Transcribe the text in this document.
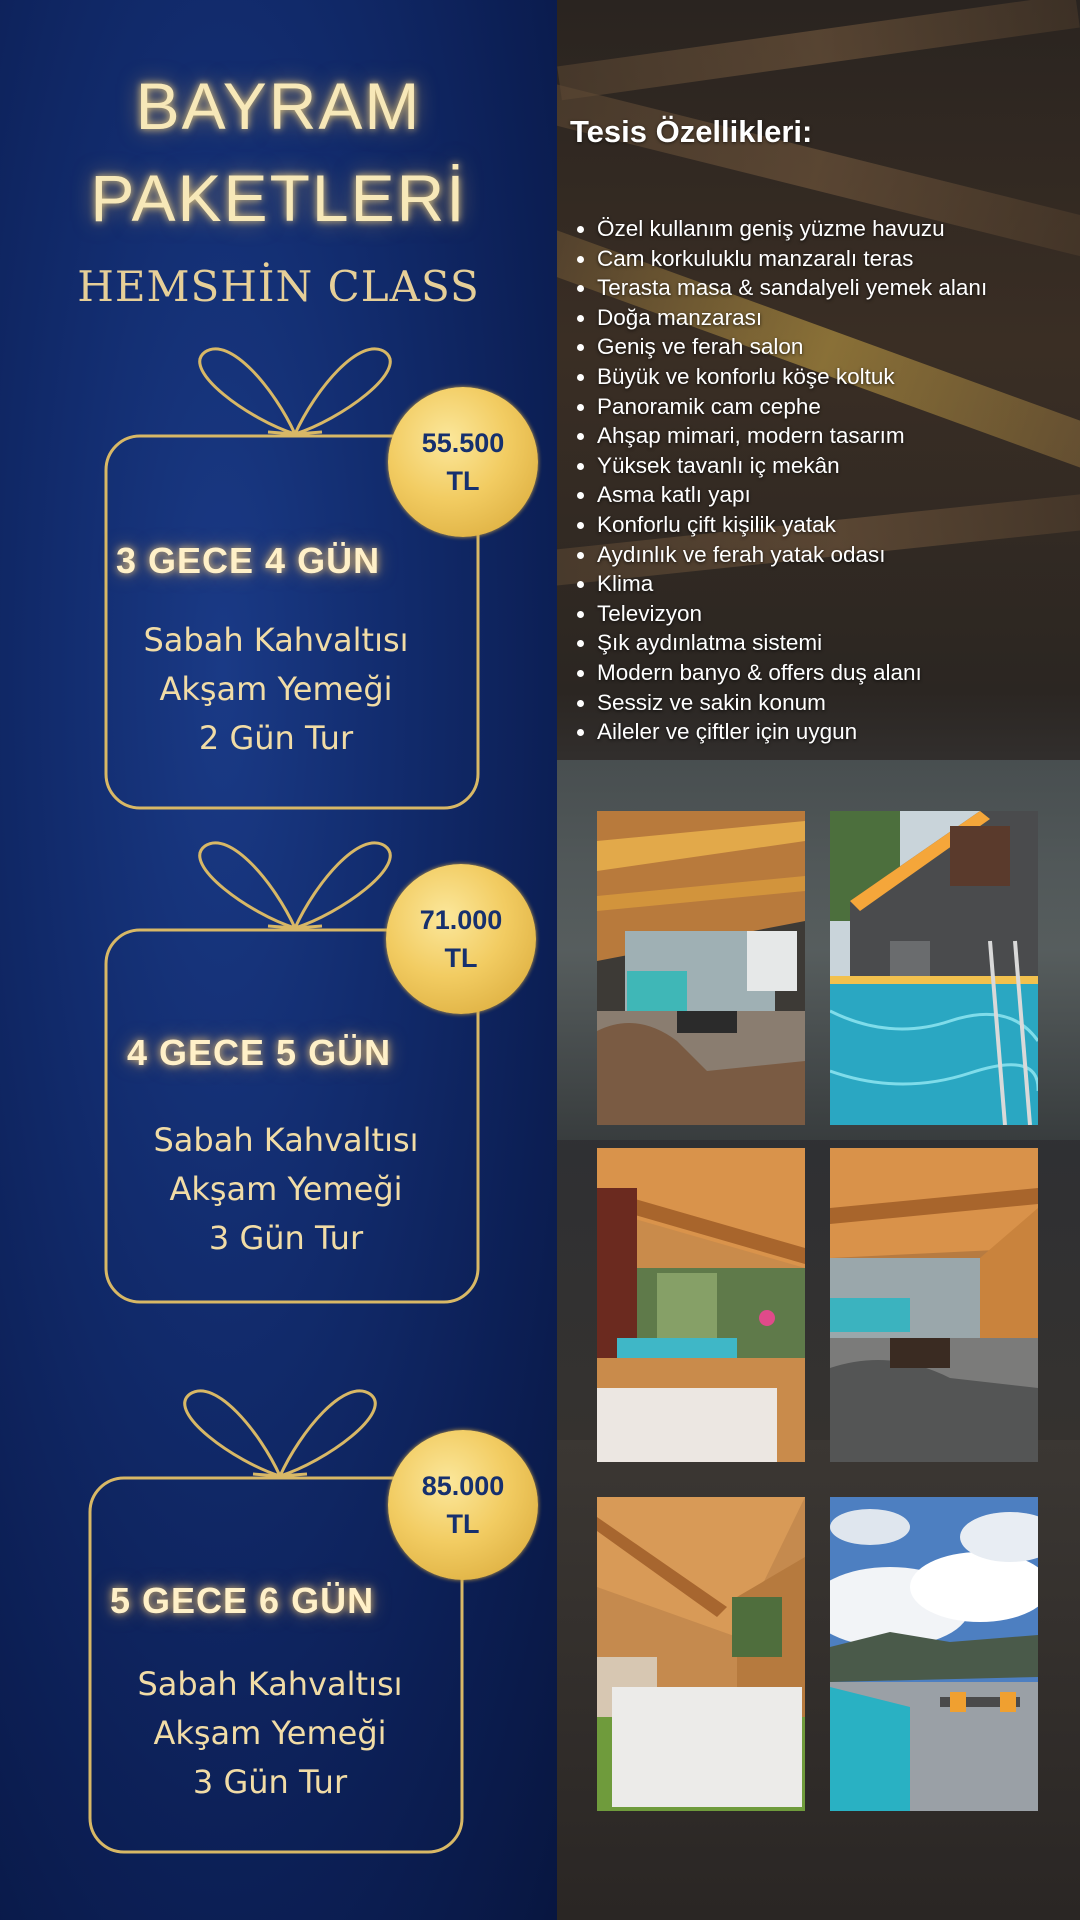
BAYRAM
PAKETLERİ
HEMSHİN CLASS
55.500
TL
3 GECE 4 GÜN
Sabah Kahvaltısı
Akşam Yemeği
2 Gün Tur
71.000
TL
4 GECE 5 GÜN
Sabah Kahvaltısı
Akşam Yemeği
3 Gün Tur
85.000
TL
5 GECE 6 GÜN
Sabah Kahvaltısı
Akşam Yemeği
3 Gün Tur
Tesis Özellikleri:
Özel kullanım geniş yüzme havuzu
Cam korkuluklu manzaralı teras
Terasta masa & sandalyeli yemek alanı
Doğa manzarası
Geniş ve ferah salon
Büyük ve konforlu köşe koltuk
Panoramik cam cephe
Ahşap mimari, modern tasarım
Yüksek tavanlı iç mekân
Asma katlı yapı
Konforlu çift kişilik yatak
Aydınlık ve ferah yatak odası
Klima
Televizyon
Şık aydınlatma sistemi
Modern banyo & offers duş alanı
Sessiz ve sakin konum
Aileler ve çiftler için uygun
